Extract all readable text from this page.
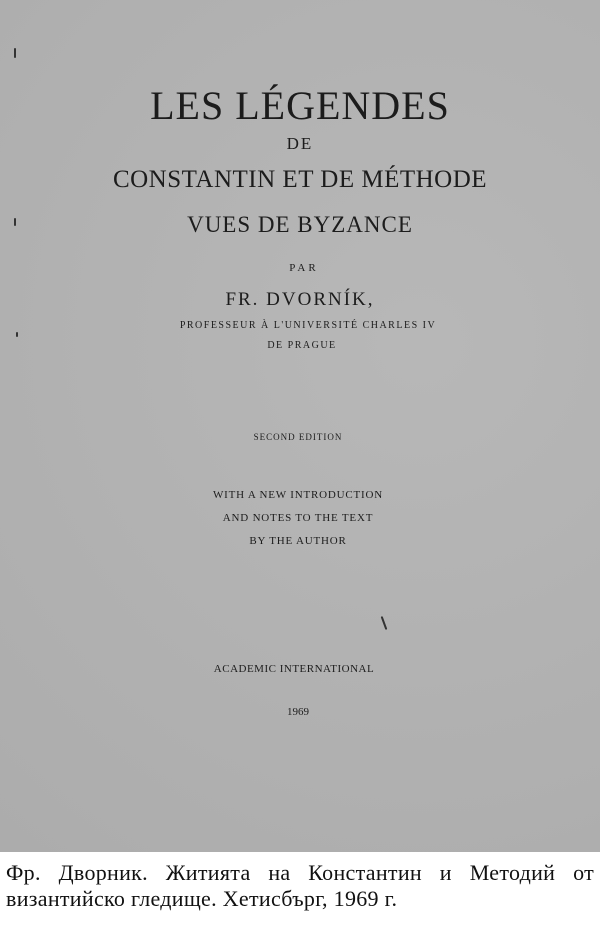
LES LÉGENDES
DE
CONSTANTIN ET DE MÉTHODE
VUES DE BYZANCE
PAR
FR. DVORNÍK,
PROFESSEUR À L'UNIVERSITÉ CHARLES IV
DE PRAGUE
SECOND EDITION
WITH A NEW INTRODUCTION
AND NOTES TO THE TEXT
BY THE AUTHOR
ACADEMIC INTERNATIONAL
1969
Фр. Дворник. Житията на Константин и Методий от византийско гледище. Хетисбърг, 1969 г.
